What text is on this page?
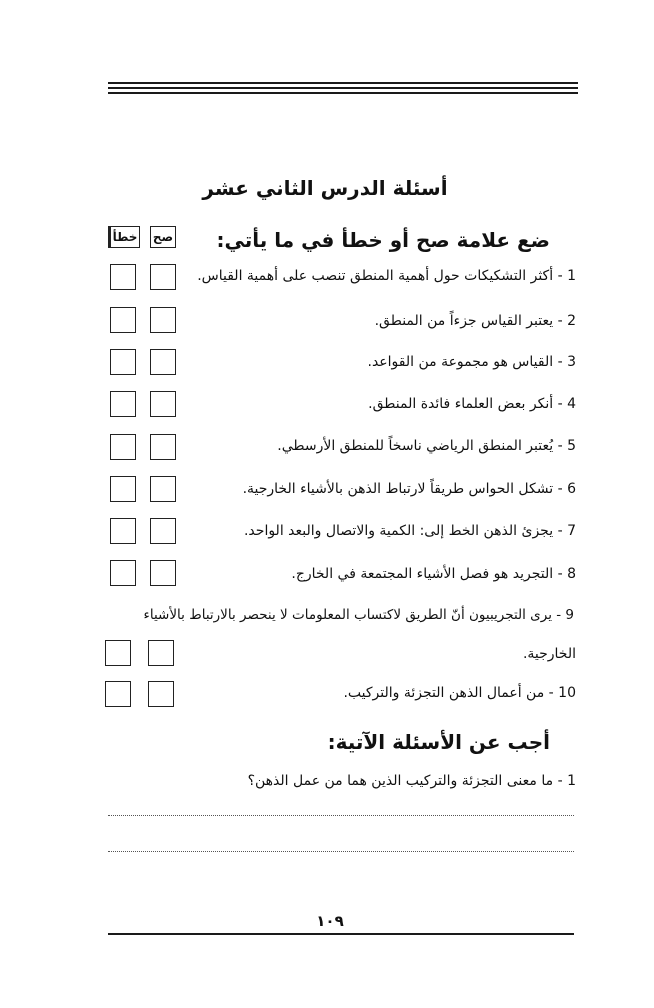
أسئلة الدرس الثاني عشر
ضع علامة صح أو خطأ في ما يأتي:
صح
خطأ
1 - أكثر التشكيكات حول أهمية المنطق تنصب على أهمية القياس.
2 - يعتبر القياس جزءاً من المنطق.
3 - القياس هو مجموعة من القواعد.
4 - أنكر بعض العلماء فائدة المنطق.
5 - يُعتبر المنطق الرياضي ناسخاً للمنطق الأرسطي.
6 - تشكل الحواس طريقاً لارتباط الذهن بالأشياء الخارجية.
7 - يجزئ الذهن الخط إلى: الكمية والاتصال والبعد الواحد.
8 - التجريد هو فصل الأشياء المجتمعة في الخارج.
9 - يرى التجريبيون أنّ الطريق لاكتساب المعلومات لا ينحصر بالارتباط بالأشياء
الخارجية.
10 - من أعمال الذهن التجزئة والتركيب.
أجب عن الأسئلة الآتية:
1 - ما معنى التجزئة والتركيب الذين هما من عمل الذهن؟
١٠٩
